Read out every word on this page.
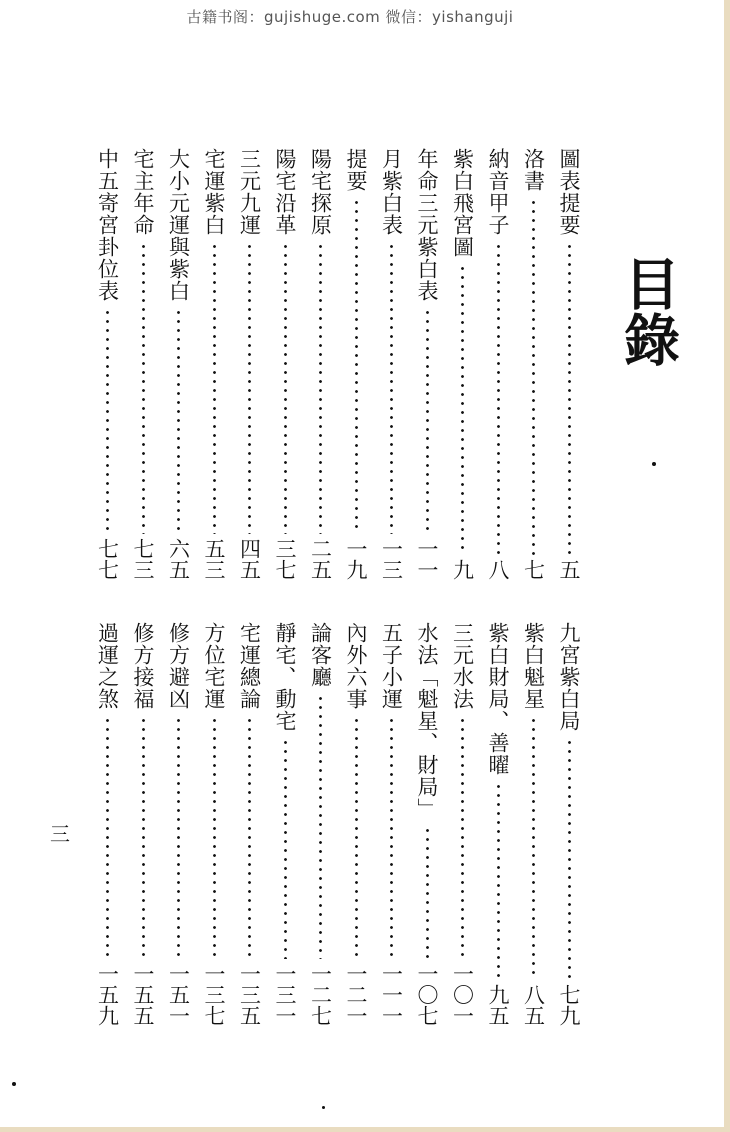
古籍书阁：gujishuge.com 微信：yishanguji
目錄
圖表提要
五
洛書
七
納音甲子
八
紫白飛宮圖
九
年命三元紫白表
一一
月紫白表
一三
提要
一九
陽宅探原
二五
陽宅沿革
三七
三元九運
四五
宅運紫白
五三
大小元運與紫白
六五
宅主年命
七三
中五寄宮卦位表
七七
九宮紫白局
七九
紫白魁星
八五
紫白財局、善曜
九五
三元水法
一〇一
水法「魁星、財局」
一〇七
五子小運
一一一
內外六事
一二一
論客廳
一二七
靜宅、動宅
一三一
宅運總論
一三五
方位宅運
一三七
修方避凶
一五一
修方接福
一五五
過運之煞
一五九
三
